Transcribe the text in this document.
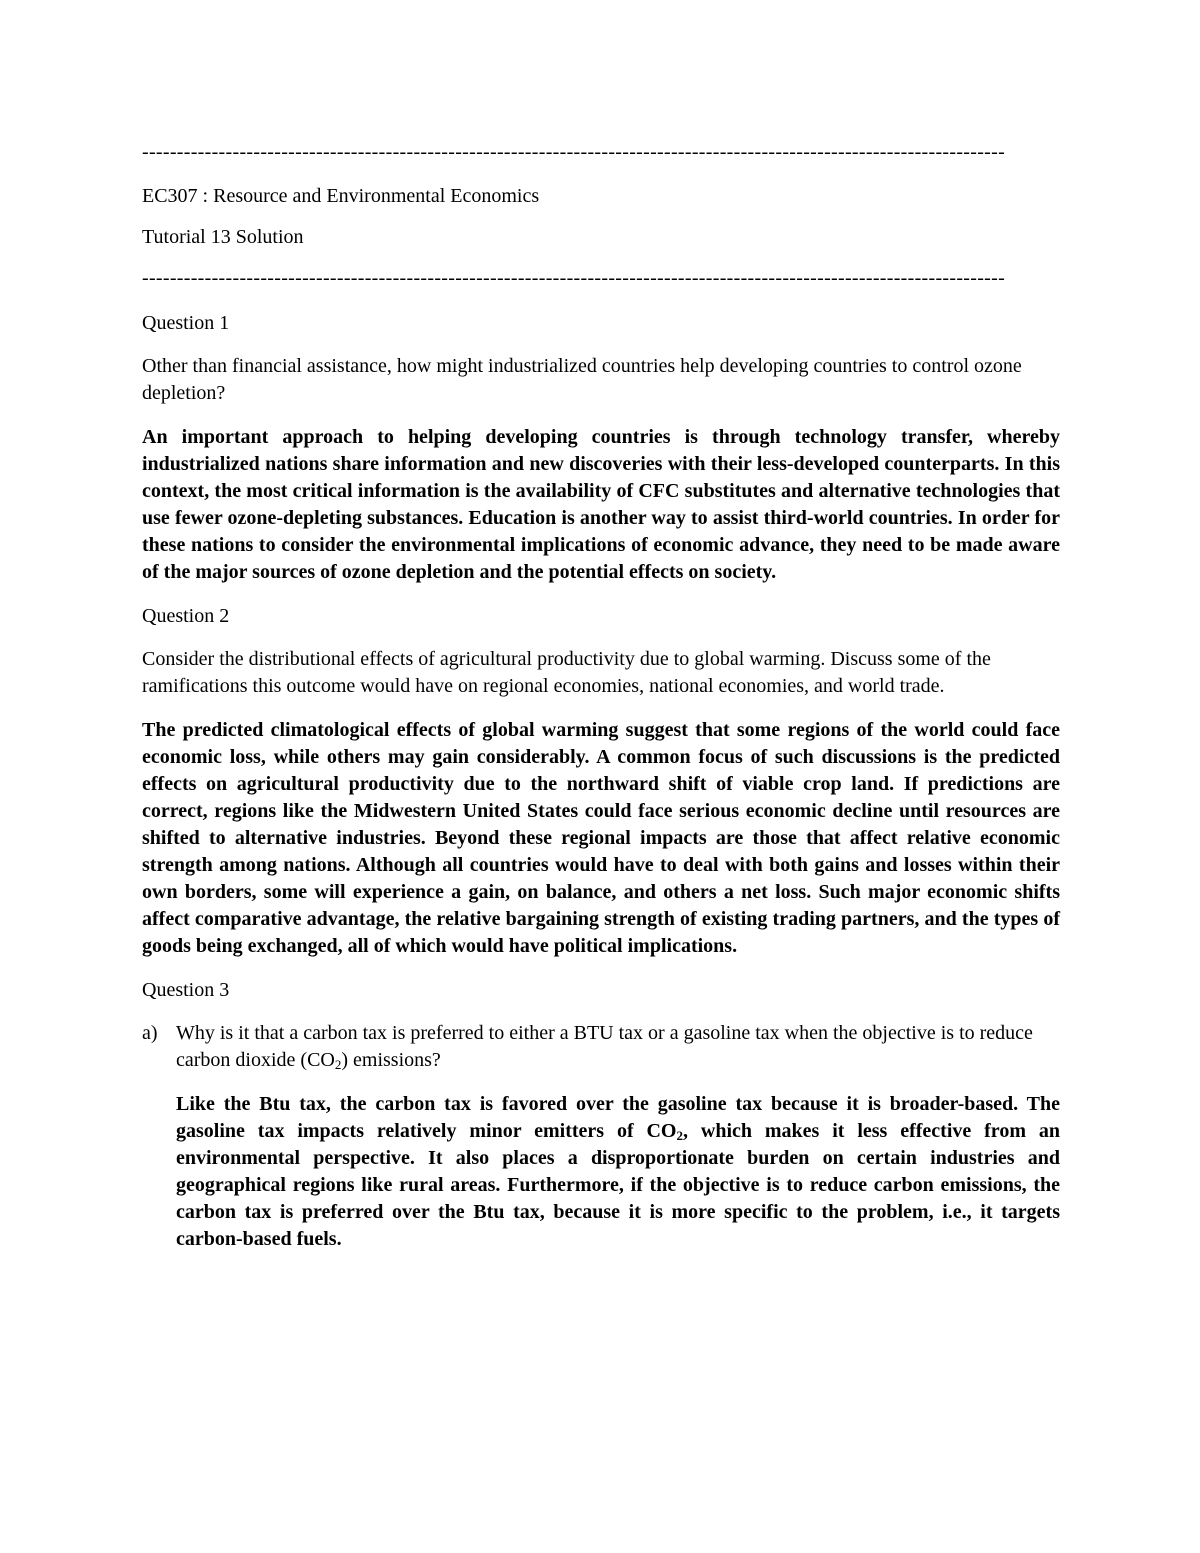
----------------------------------------------------------------------------------------------------------------------------

EC307 : Resource and Environmental Economics

Tutorial 13 Solution

----------------------------------------------------------------------------------------------------------------------------

Question 1

Other than financial assistance, how might industrialized countries help developing countries to control ozone depletion?

An important approach to helping developing countries is through technology transfer, whereby industrialized nations share information and new discoveries with their less-developed counterparts. In this context, the most critical information is the availability of CFC substitutes and alternative technologies that use fewer ozone-depleting substances. Education is another way to assist third-world countries. In order for these nations to consider the environmental implications of economic advance, they need to be made aware of the major sources of ozone depletion and the potential effects on society.

Question 2

Consider the distributional effects of agricultural productivity due to global warming. Discuss some of the ramifications this outcome would have on regional economies, national economies, and world trade.

The predicted climatological effects of global warming suggest that some regions of the world could face economic loss, while others may gain considerably. A common focus of such discussions is the predicted effects on agricultural productivity due to the northward shift of viable crop land. If predictions are correct, regions like the Midwestern United States could face serious economic decline until resources are shifted to alternative industries. Beyond these regional impacts are those that affect relative economic strength among nations. Although all countries would have to deal with both gains and losses within their own borders, some will experience a gain, on balance, and others a net loss. Such major economic shifts affect comparative advantage, the relative bargaining strength of existing trading partners, and the types of goods being exchanged, all of which would have political implications.

Question 3

a) Why is it that a carbon tax is preferred to either a BTU tax or a gasoline tax when the objective is to reduce carbon dioxide $(CO_2)$ emissions?

Like the Btu tax, the carbon tax is favored over the gasoline tax because it is broader-based. The gasoline tax impacts relatively minor emitters of $CO_2$, which makes it less effective from an environmental perspective. It also places a disproportionate burden on certain industries and geographical regions like rural areas. Furthermore, if the objective is to reduce carbon emissions, the carbon tax is preferred over the Btu tax, because it is more specific to the problem, i.e., it targets carbon-based fuels.
